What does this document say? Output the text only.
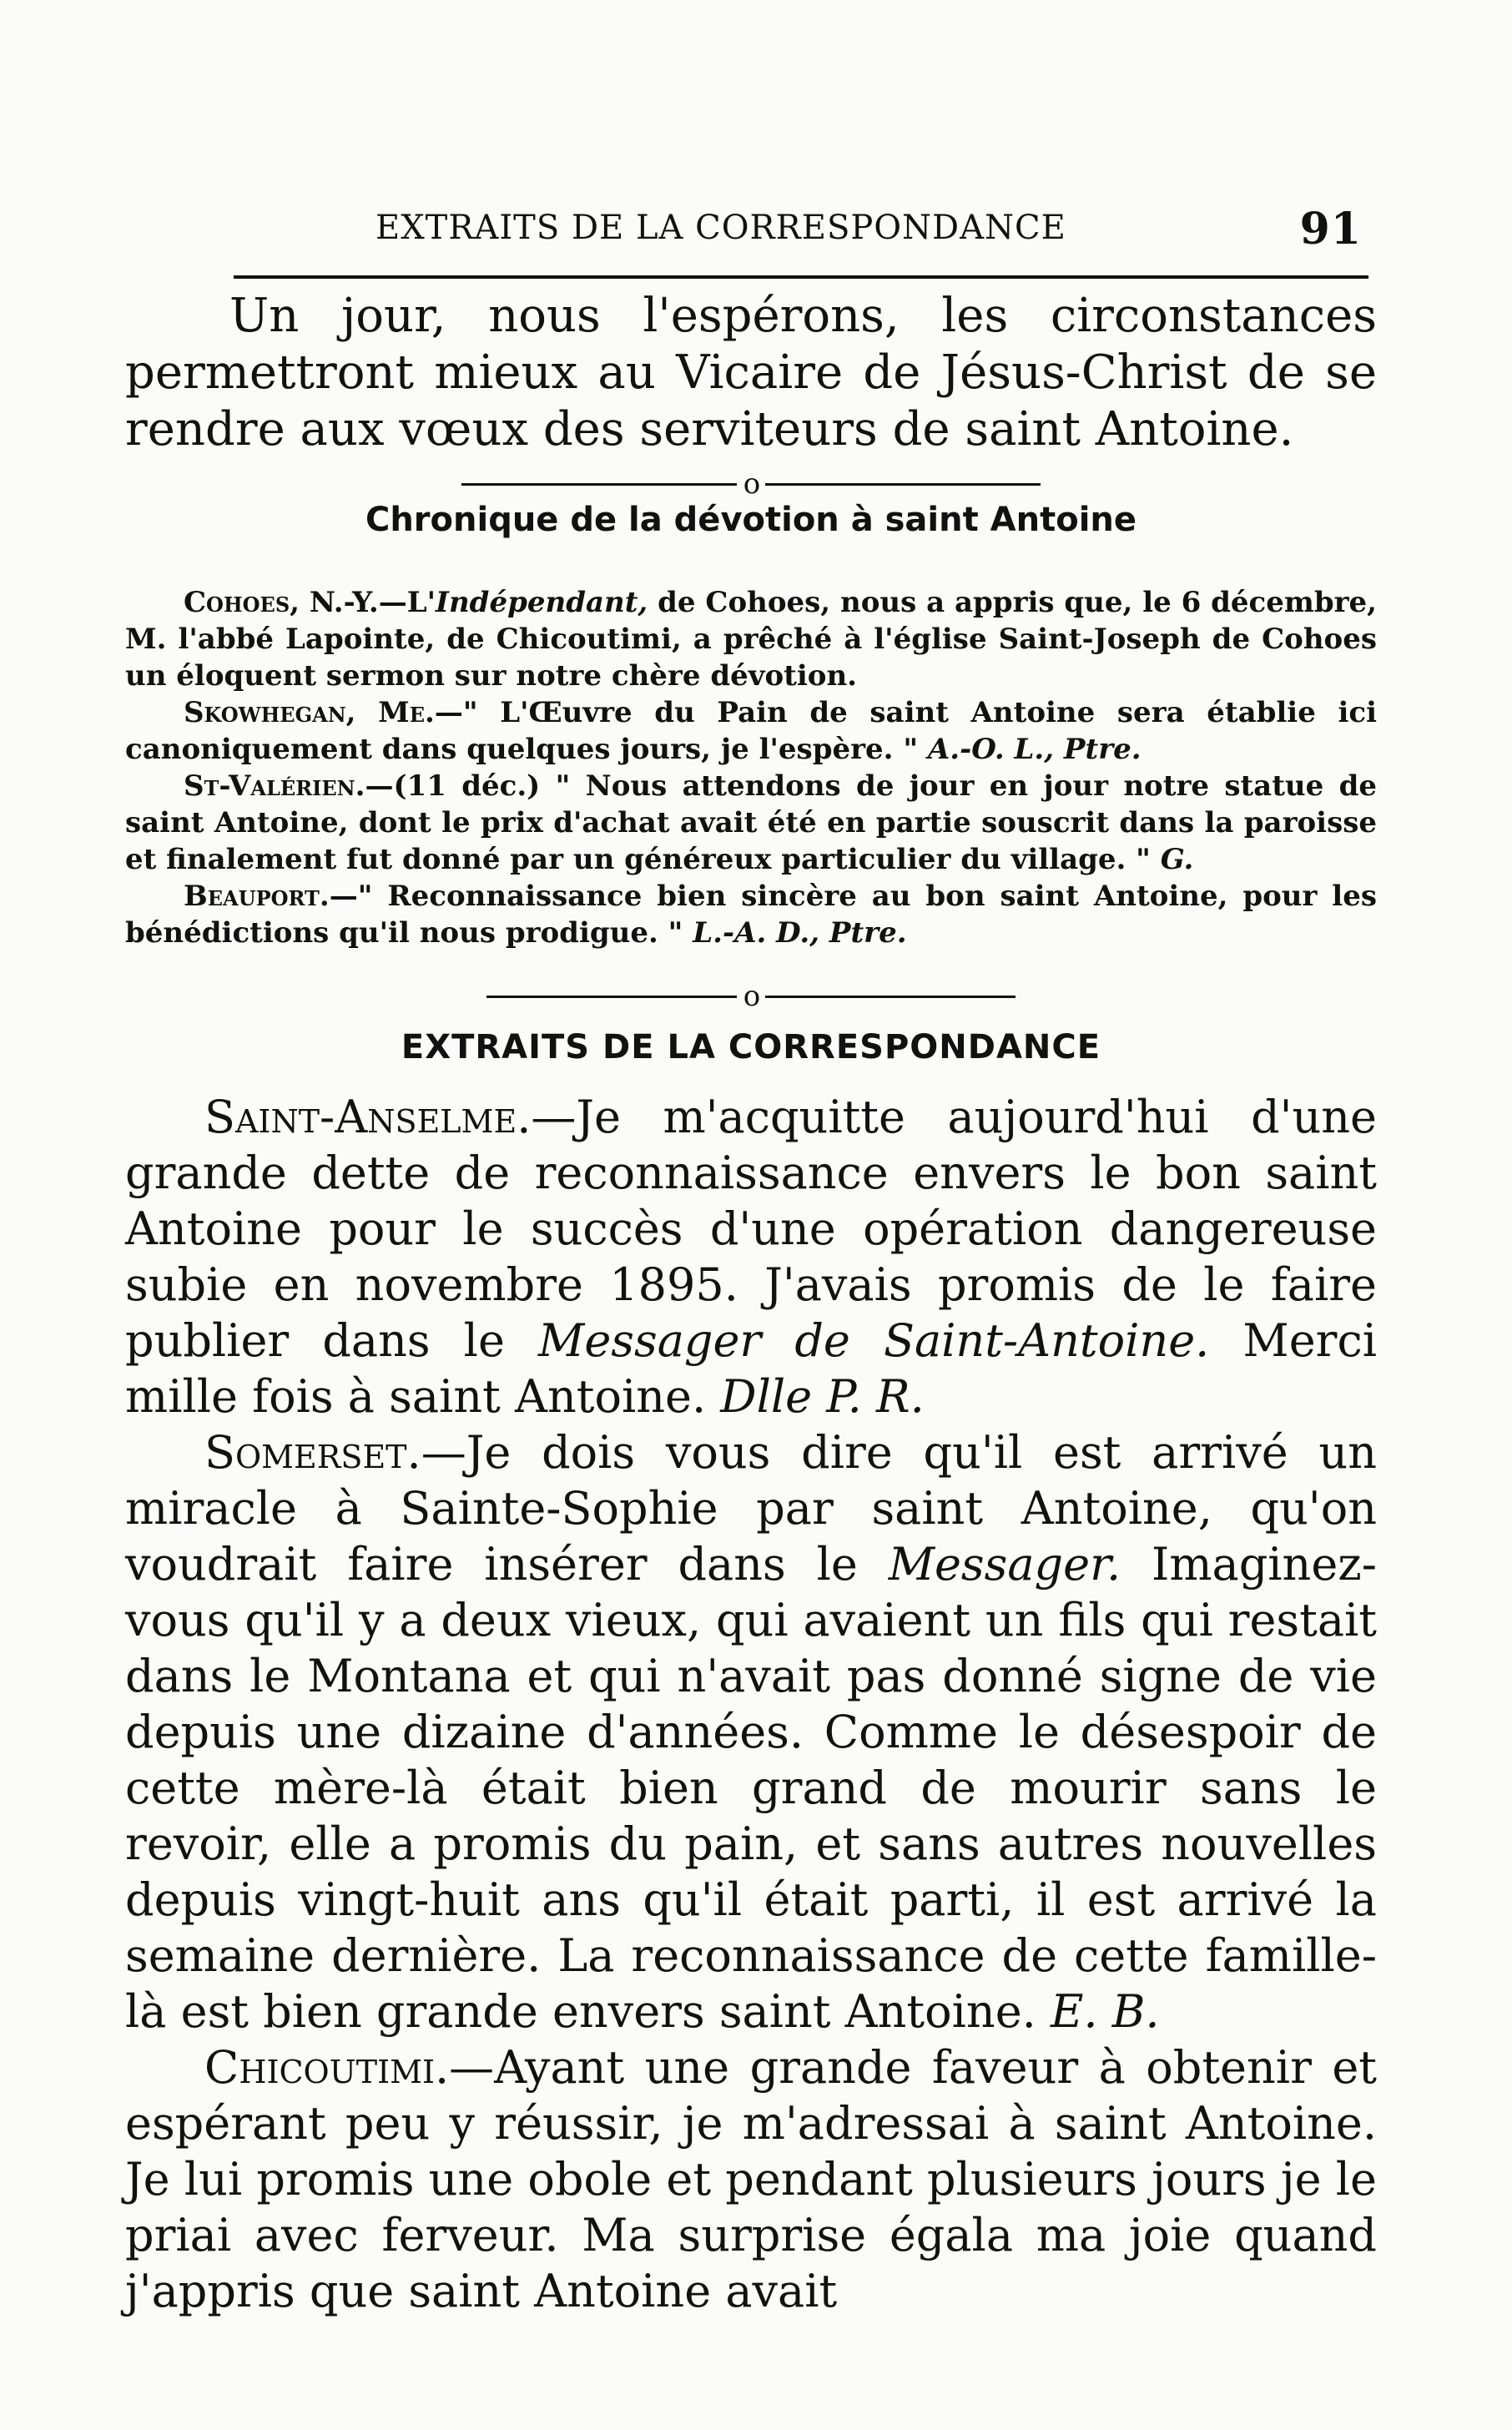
EXTRAITS DE LA CORRESPONDANCE	91

Un jour, nous l'espérons, les circonstances permettront mieux au Vicaire de Jésus-Christ de se rendre aux vœux des serviteurs de saint Antoine.

o
Chronique de la dévotion à saint Antoine

Cohoes, N.-Y.—L'Indépendant, de Cohoes, nous a appris que, le 6 décembre, M. l'abbé Lapointe, de Chicoutimi, a prêché à l'église Saint-Joseph de Cohoes un éloquent sermon sur notre chère dévotion.

Skowhegan, Me.—" L'Œuvre du Pain de saint Antoine sera établie ici canoniquement dans quelques jours, je l'espère. " A.-O. L., Ptre.

St-Valérien.—(11 déc.) " Nous attendons de jour en jour notre statue de saint Antoine, dont le prix d'achat avait été en partie souscrit dans la paroisse et finalement fut donné par un généreux particulier du village. " G.

Beauport.—" Reconnaissance bien sincère au bon saint Antoine, pour les bénédictions qu'il nous prodigue. " L.-A. D., Ptre.

o
EXTRAITS DE LA CORRESPONDANCE

Saint-Anselme.—Je m'acquitte aujourd'hui d'une grande dette de reconnaissance envers le bon saint Antoine pour le succès d'une opération dangereuse subie en novembre 1895. J'avais promis de le faire publier dans le Messager de Saint-Antoine. Merci mille fois à saint Antoine. Dlle P. R.

Somerset.—Je dois vous dire qu'il est arrivé un miracle à Sainte-Sophie par saint Antoine, qu'on voudrait faire insérer dans le Messager. Imaginez-vous qu'il y a deux vieux, qui avaient un fils qui restait dans le Montana et qui n'avait pas donné signe de vie depuis une dizaine d'années. Comme le désespoir de cette mère-là était bien grand de mourir sans le revoir, elle a promis du pain, et sans autres nouvelles depuis vingt-huit ans qu'il était parti, il est arrivé la semaine dernière. La reconnaissance de cette famille-là est bien grande envers saint Antoine. E. B.

Chicoutimi.—Ayant une grande faveur à obtenir et espérant peu y réussir, je m'adressai à saint Antoine. Je lui promis une obole et pendant plusieurs jours je le priai avec ferveur. Ma surprise égala ma joie quand j'appris que saint Antoine avait
